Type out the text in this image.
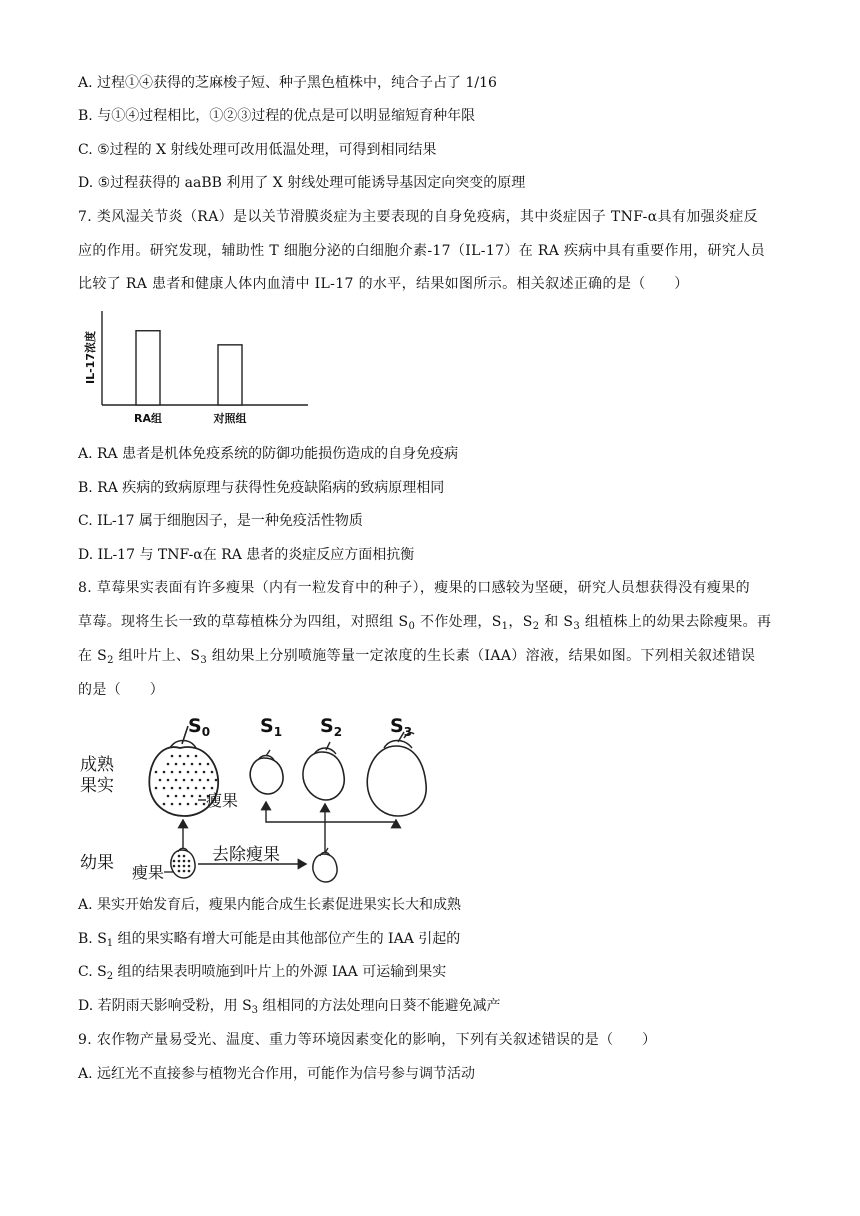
A. 过程①④获得的芝麻梭子短、种子黑色植株中，纯合子占了 1/16
B. 与①④过程相比，①②③过程的优点是可以明显缩短育种年限
C. ⑤过程的 X 射线处理可改用低温处理，可得到相同结果
D. ⑤过程获得的 aaBB 利用了 X 射线处理可能诱导基因定向突变的原理
7. 类风湿关节炎（RA）是以关节滑膜炎症为主要表现的自身免疫病，其中炎症因子 TNF-α具有加强炎症反
应的作用。研究发现，辅助性 T 细胞分泌的白细胞介素-17（IL-17）在 RA 疾病中具有重要作用，研究人员
比较了 RA 患者和健康人体内血清中 IL-17 的水平，结果如图所示。相关叙述正确的是（　　）
IL-17浓度
RA组	对照组
A. RA 患者是机体免疫系统的防御功能损伤造成的自身免疫病
B. RA 疾病的致病原理与获得性免疫缺陷病的致病原理相同
C. IL-17 属于细胞因子，是一种免疫活性物质
D. IL-17 与 TNF-α在 RA 患者的炎症反应方面相抗衡
8. 草莓果实表面有许多瘦果（内有一粒发育中的种子），瘦果的口感较为坚硬，研究人员想获得没有瘦果的
草莓。现将生长一致的草莓植株分为四组，对照组 $S_0$ 不作处理，$S_1$，$S_2$ 和 $S_3$ 组植株上的幼果去除瘦果。再
在 $S_2$ 组叶片上、$S_3$ 组幼果上分别喷施等量一定浓度的生长素（IAA）溶液，结果如图。下列相关叙述错误
的是（　　）
成熟
果实
幼果
$S_0$	$S_1$ $S_2$	$S_3$
瘦果
瘦果
去除瘦果
A. 果实开始发育后，瘦果内能合成生长素促进果实长大和成熟
B. $S_1$ 组的果实略有增大可能是由其他部位产生的 IAA 引起的
C. $S_2$ 组的结果表明喷施到叶片上的外源 IAA 可运输到果实
D. 若阴雨天影响受粉，用 $S_3$ 组相同的方法处理向日葵不能避免减产
9. 农作物产量易受光、温度、重力等环境因素变化的影响，下列有关叙述错误的是（　　）
A. 远红光不直接参与植物光合作用，可能作为信号参与调节活动
